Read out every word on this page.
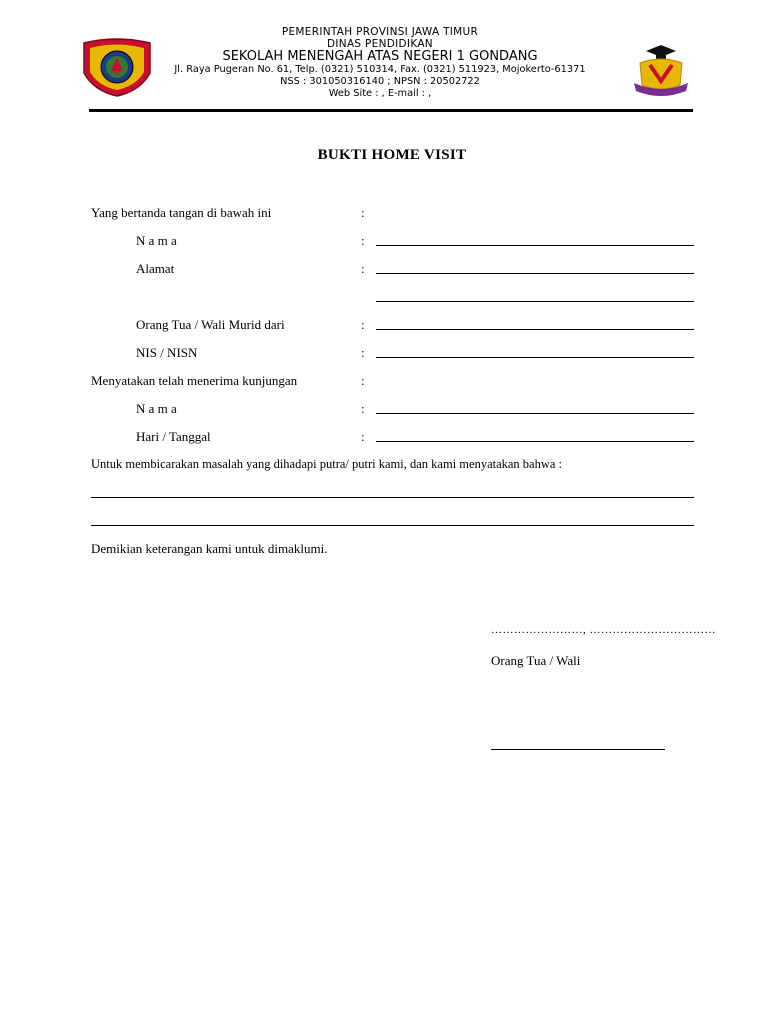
PEMERINTAH PROVINSI JAWA TIMUR
DINAS PENDIDIKAN
SEKOLAH MENENGAH ATAS NEGERI 1 GONDANG
Jl. Raya Pugeran No. 61, Telp. (0321) 510314, Fax. (0321) 511923, Mojokerto-61371
NSS : 301050316140 ; NPSN : 20502722
Web Site : , E-mail : ,
BUKTI HOME VISIT
Yang bertanda tangan di bawah ini	:
N a m a	:
Alamat	:
Orang Tua / Wali Murid dari	:
NIS / NISN	:
Menyatakan telah menerima kunjungan	:
N a m a	:
Hari / Tanggal	:
Untuk membicarakan masalah yang dihadapi putra/ putri kami, dan kami menyatakan bahwa :
Demikian keterangan kami untuk dimaklumi.
……………………, ……………………………
Orang Tua / Wali
